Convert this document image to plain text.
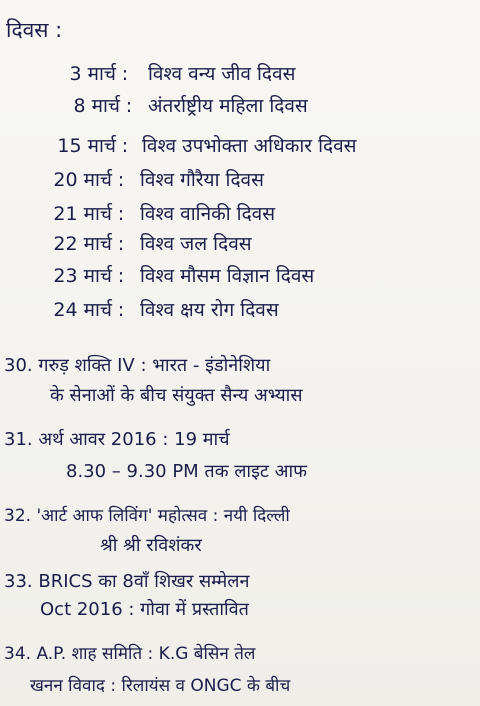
दिवस :
3 मार्च : विश्व वन्य जीव दिवस
8 मार्च : अंतर्राष्ट्रीय महिला दिवस
15 मार्च : विश्व उपभोक्ता अधिकार दिवस
20 मार्च : विश्व गौरैया दिवस
21 मार्च : विश्व वानिकी दिवस
22 मार्च : विश्व जल दिवस
23 मार्च : विश्व मौसम विज्ञान दिवस
24 मार्च : विश्व क्षय रोग दिवस
30. गरुड़ शक्ति IV : भारत - इंडोनेशिया
के सेनाओं के बीच संयुक्त सैन्य अभ्यास
31. अर्थ आवर 2016 : 19 मार्च
8.30 – 9.30 PM तक लाइट आफ
32. 'आर्ट आफ लिविंग' महोत्सव : नयी दिल्ली
श्री श्री रविशंकर
33. BRICS का 8वाँ शिखर सम्मेलन
Oct 2016 : गोवा में प्रस्तावित
34. A.P. शाह समिति : K.G बेसिन तेल
खनन विवाद : रिलायंस व ONGC के बीच
